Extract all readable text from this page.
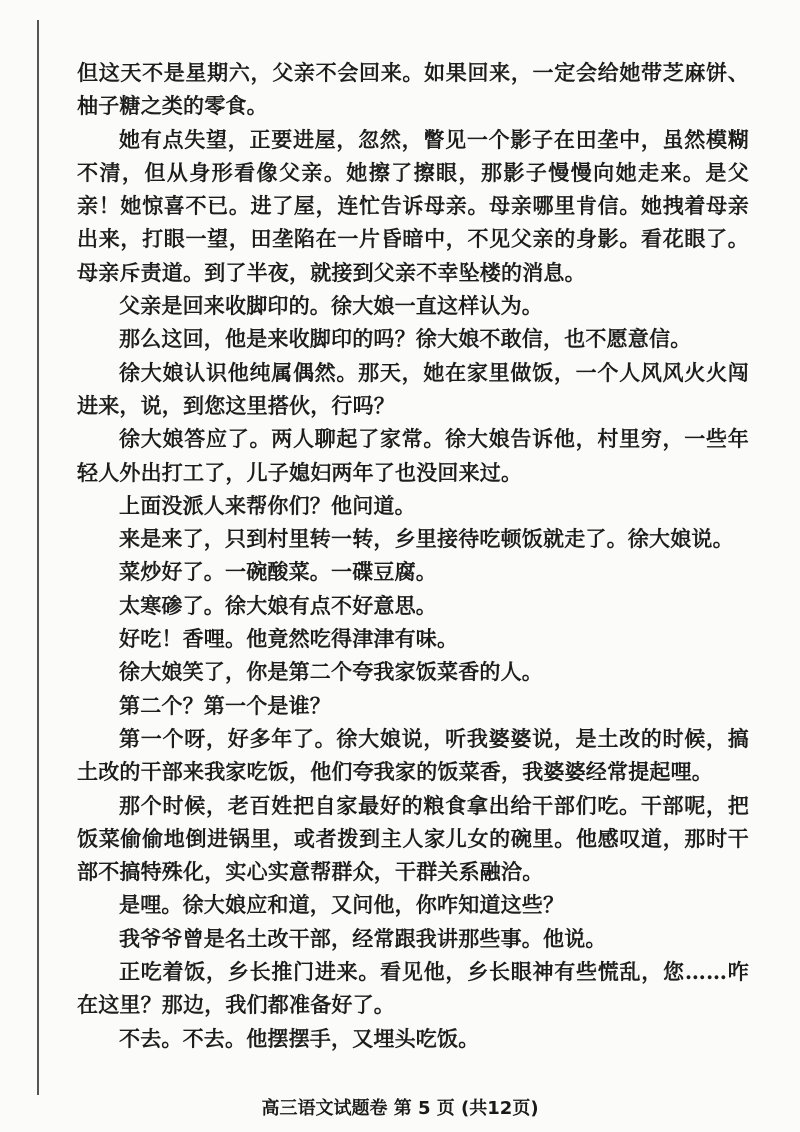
但这天不是星期六，父亲不会回来。如果回来，一定会给她带芝麻饼、柚子糖之类的零食。

她有点失望，正要进屋，忽然，瞥见一个影子在田垄中，虽然模糊不清，但从身形看像父亲。她擦了擦眼，那影子慢慢向她走来。是父亲！她惊喜不已。进了屋，连忙告诉母亲。母亲哪里肯信。她拽着母亲出来，打眼一望，田垄陷在一片昏暗中，不见父亲的身影。看花眼了。母亲斥责道。到了半夜，就接到父亲不幸坠楼的消息。

父亲是回来收脚印的。徐大娘一直这样认为。

那么这回，他是来收脚印的吗？徐大娘不敢信，也不愿意信。

徐大娘认识他纯属偶然。那天，她在家里做饭，一个人风风火火闯进来，说，到您这里搭伙，行吗？

徐大娘答应了。两人聊起了家常。徐大娘告诉他，村里穷，一些年轻人外出打工了，儿子媳妇两年了也没回来过。

上面没派人来帮你们？他问道。

来是来了，只到村里转一转，乡里接待吃顿饭就走了。徐大娘说。

菜炒好了。一碗酸菜。一碟豆腐。

太寒碜了。徐大娘有点不好意思。

好吃！香哩。他竟然吃得津津有味。

徐大娘笑了，你是第二个夸我家饭菜香的人。

第二个？第一个是谁？

第一个呀，好多年了。徐大娘说，听我婆婆说，是土改的时候，搞土改的干部来我家吃饭，他们夸我家的饭菜香，我婆婆经常提起哩。

那个时候，老百姓把自家最好的粮食拿出给干部们吃。干部呢，把饭菜偷偷地倒进锅里，或者拨到主人家儿女的碗里。他感叹道，那时干部不搞特殊化，实心实意帮群众，干群关系融洽。

是哩。徐大娘应和道，又问他，你咋知道这些？

我爷爷曾是名土改干部，经常跟我讲那些事。他说。

正吃着饭，乡长推门进来。看见他，乡长眼神有些慌乱，您……咋在这里？那边，我们都准备好了。

不去。不去。他摆摆手，又埋头吃饭。

高三语文试题卷 第 5 页 (共12页)
